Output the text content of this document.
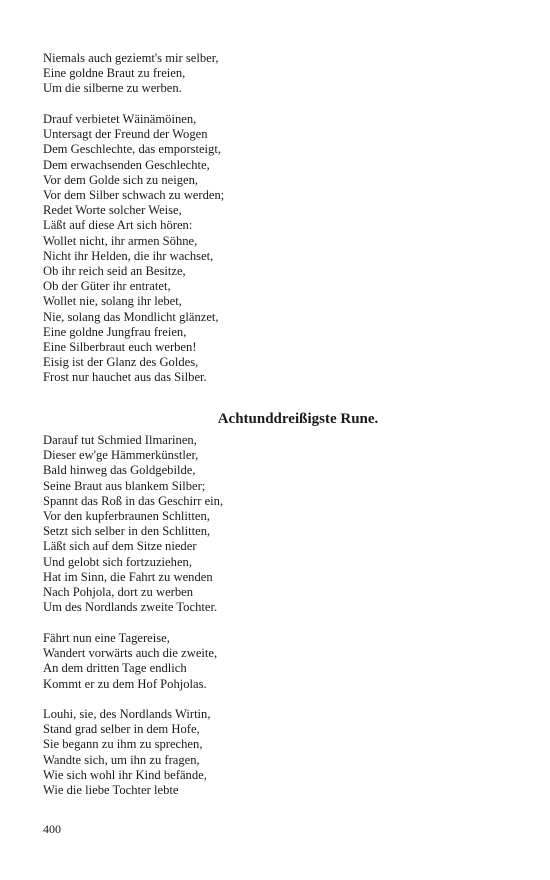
Niemals auch geziemt's mir selber,
Eine goldne Braut zu freien,
Um die silberne zu werben.
Drauf verbietet Wäinämöinen,
Untersagt der Freund der Wogen
Dem Geschlechte, das emporsteigt,
Dem erwachsenden Geschlechte,
Vor dem Golde sich zu neigen,
Vor dem Silber schwach zu werden;
Redet Worte solcher Weise,
Läßt auf diese Art sich hören:
Wollet nicht, ihr armen Söhne,
Nicht ihr Helden, die ihr wachset,
Ob ihr reich seid an Besitze,
Ob der Güter ihr entratet,
Wollet nie, solang ihr lebet,
Nie, solang das Mondlicht glänzet,
Eine goldne Jungfrau freien,
Eine Silberbraut euch werben!
Eisig ist der Glanz des Goldes,
Frost nur hauchet aus das Silber.
Achtunddreißigste Rune.
Darauf tut Schmied Ilmarinen,
Dieser ew'ge Hämmerkünstler,
Bald hinweg das Goldgebilde,
Seine Braut aus blankem Silber;
Spannt das Roß in das Geschirr ein,
Vor den kupferbraunen Schlitten,
Setzt sich selber in den Schlitten,
Läßt sich auf dem Sitze nieder
Und gelobt sich fortzuziehen,
Hat im Sinn, die Fahrt zu wenden
Nach Pohjola, dort zu werben
Um des Nordlands zweite Tochter.
Fährt nun eine Tagereise,
Wandert vorwärts auch die zweite,
An dem dritten Tage endlich
Kommt er zu dem Hof Pohjolas.
Louhi, sie, des Nordlands Wirtin,
Stand grad selber in dem Hofe,
Sie begann zu ihm zu sprechen,
Wandte sich, um ihn zu fragen,
Wie sich wohl ihr Kind befände,
Wie die liebe Tochter lebte
400
